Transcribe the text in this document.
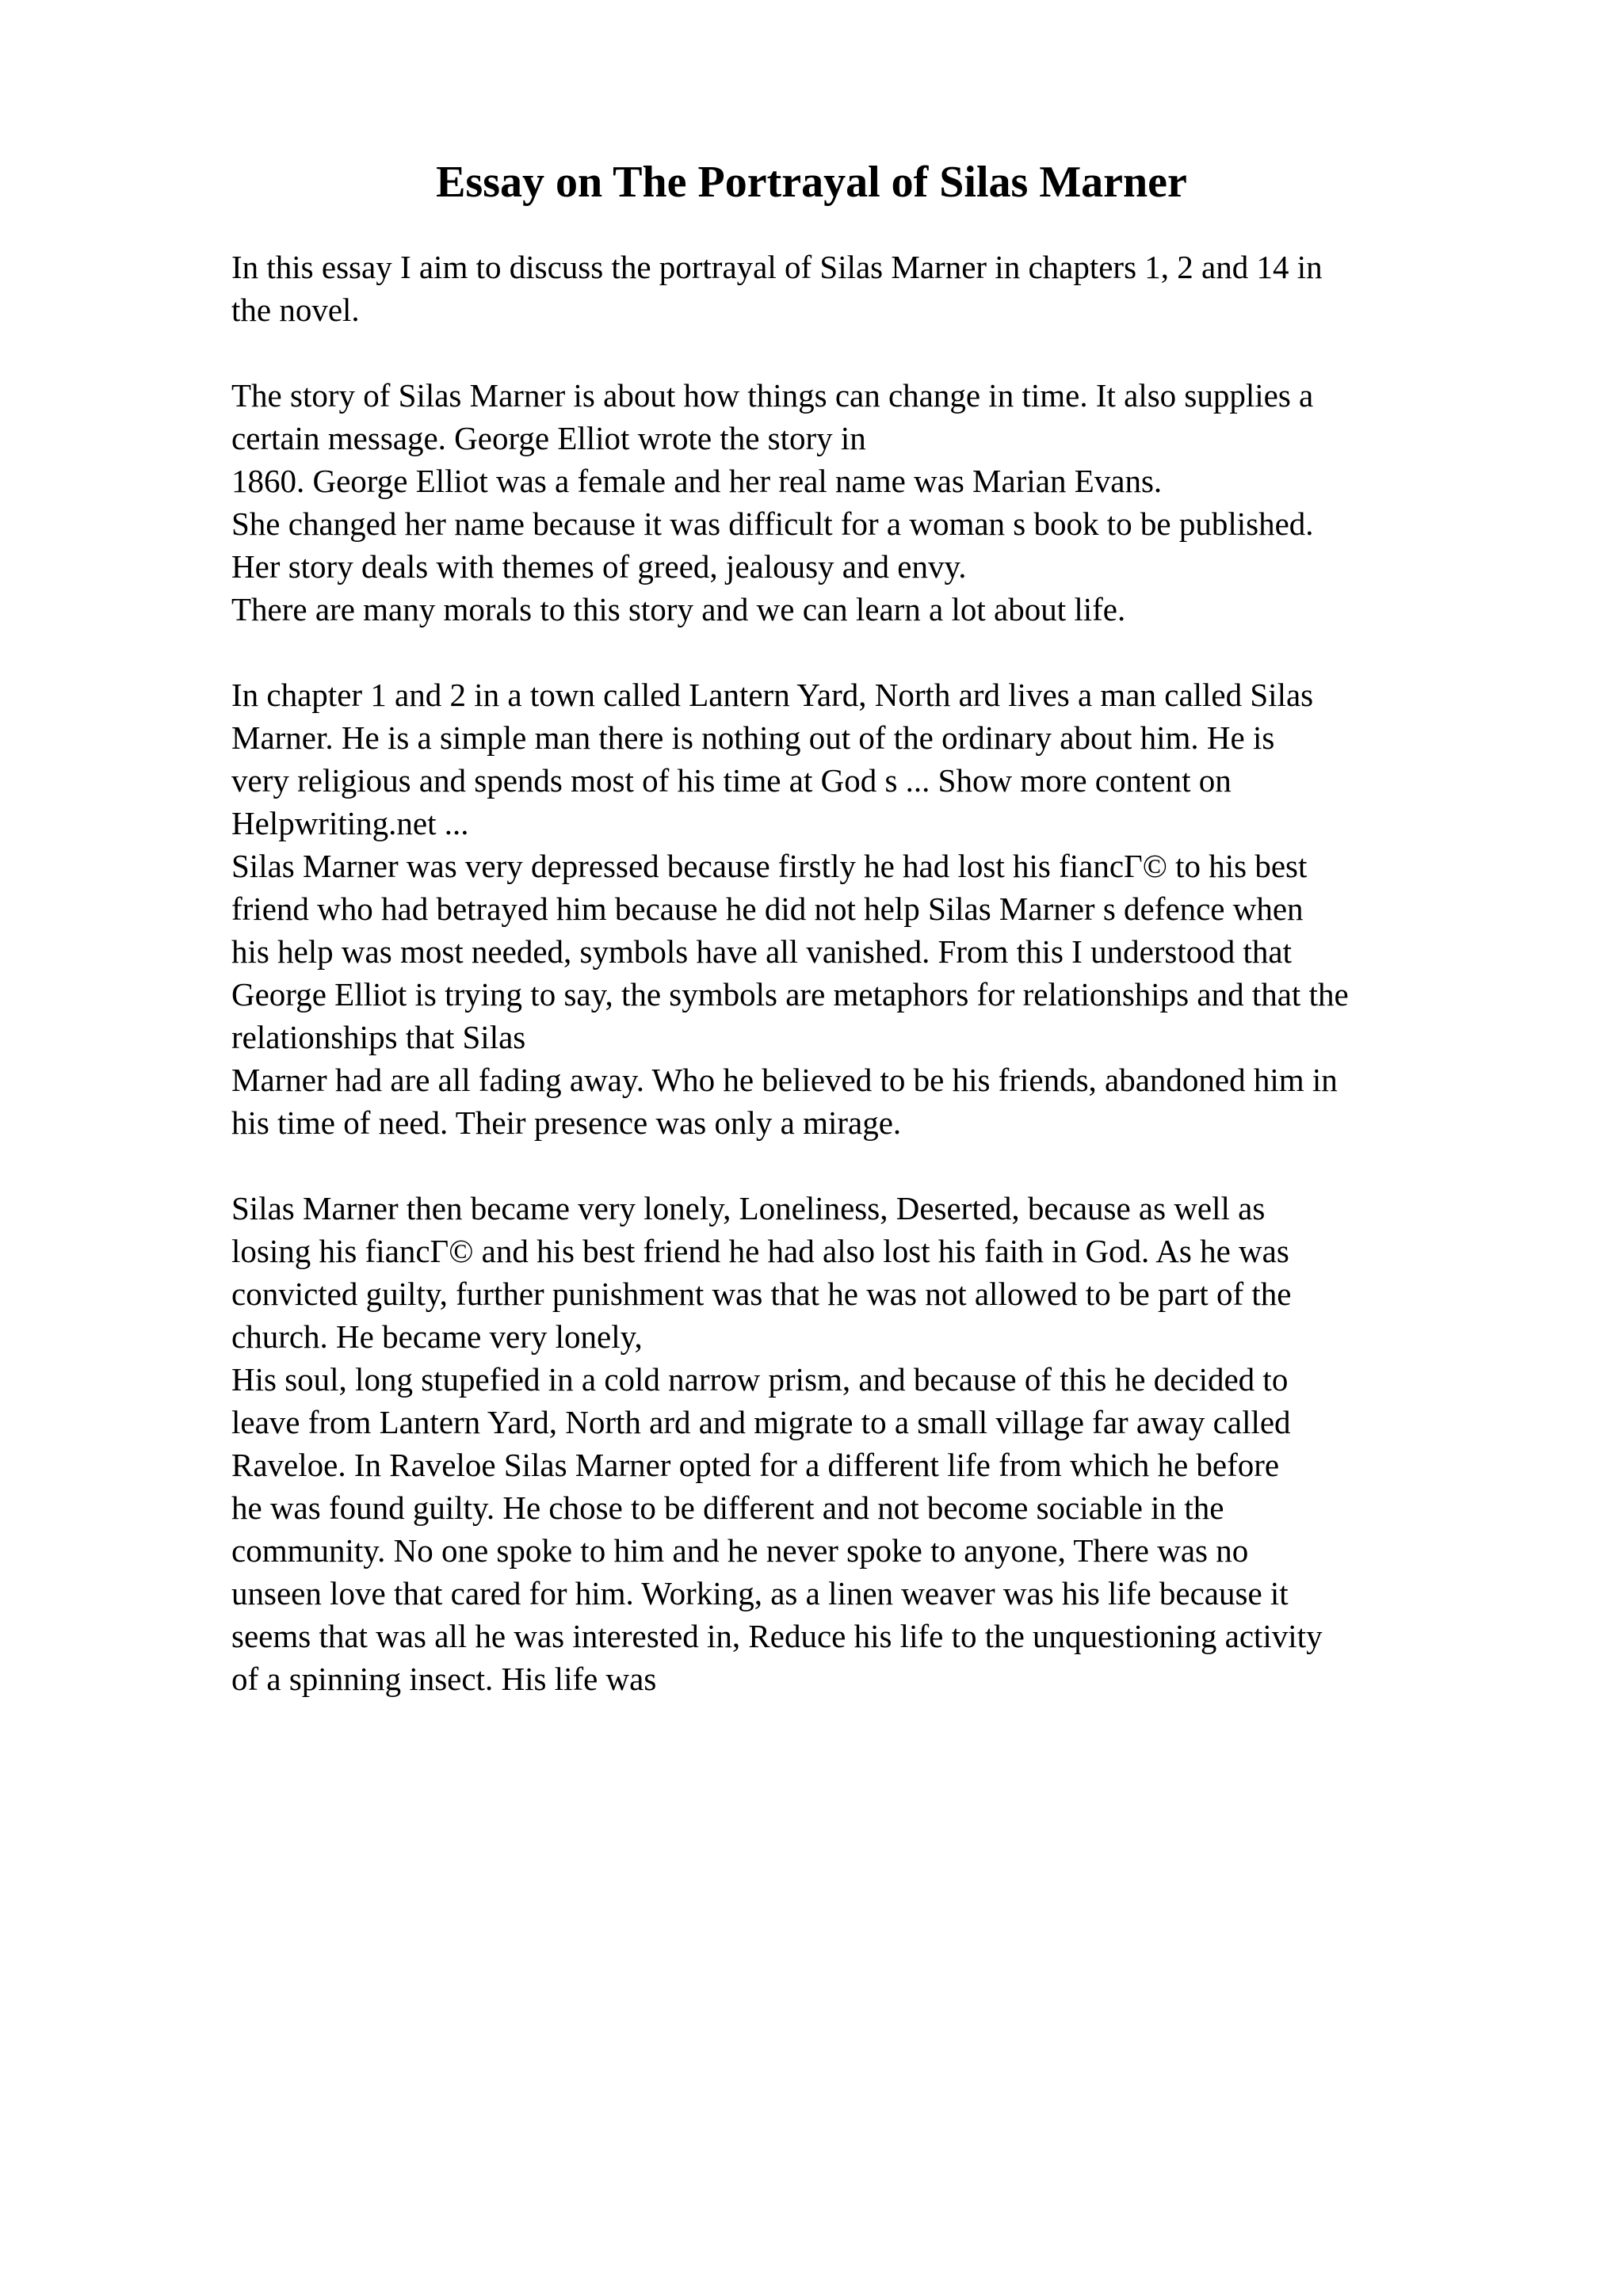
Essay on The Portrayal of Silas Marner

In this essay I aim to discuss the portrayal of Silas Marner in chapters 1, 2 and 14 in
the novel.

The story of Silas Marner is about how things can change in time. It also supplies a
certain message. George Elliot wrote the story in
1860. George Elliot was a female and her real name was Marian Evans.
She changed her name because it was difficult for a woman s book to be published.
Her story deals with themes of greed, jealousy and envy.
There are many morals to this story and we can learn a lot about life.

In chapter 1 and 2 in a town called Lantern Yard, North ard lives a man called Silas
Marner. He is a simple man there is nothing out of the ordinary about him. He is
very religious and spends most of his time at God s ... Show more content on
Helpwriting.net ...
Silas Marner was very depressed because firstly he had lost his fiancГ© to his best
friend who had betrayed him because he did not help Silas Marner s defence when
his help was most needed, symbols have all vanished. From this I understood that
George Elliot is trying to say, the symbols are metaphors for relationships and that the
relationships that Silas
Marner had are all fading away. Who he believed to be his friends, abandoned him in
his time of need. Their presence was only a mirage.

Silas Marner then became very lonely, Loneliness, Deserted, because as well as
losing his fiancГ© and his best friend he had also lost his faith in God. As he was
convicted guilty, further punishment was that he was not allowed to be part of the
church. He became very lonely,
His soul, long stupefied in a cold narrow prism, and because of this he decided to
leave from Lantern Yard, North ard and migrate to a small village far away called
Raveloe. In Raveloe Silas Marner opted for a different life from which he before
he was found guilty. He chose to be different and not become sociable in the
community. No one spoke to him and he never spoke to anyone, There was no
unseen love that cared for him. Working, as a linen weaver was his life because it
seems that was all he was interested in, Reduce his life to the unquestioning activity
of a spinning insect. His life was
